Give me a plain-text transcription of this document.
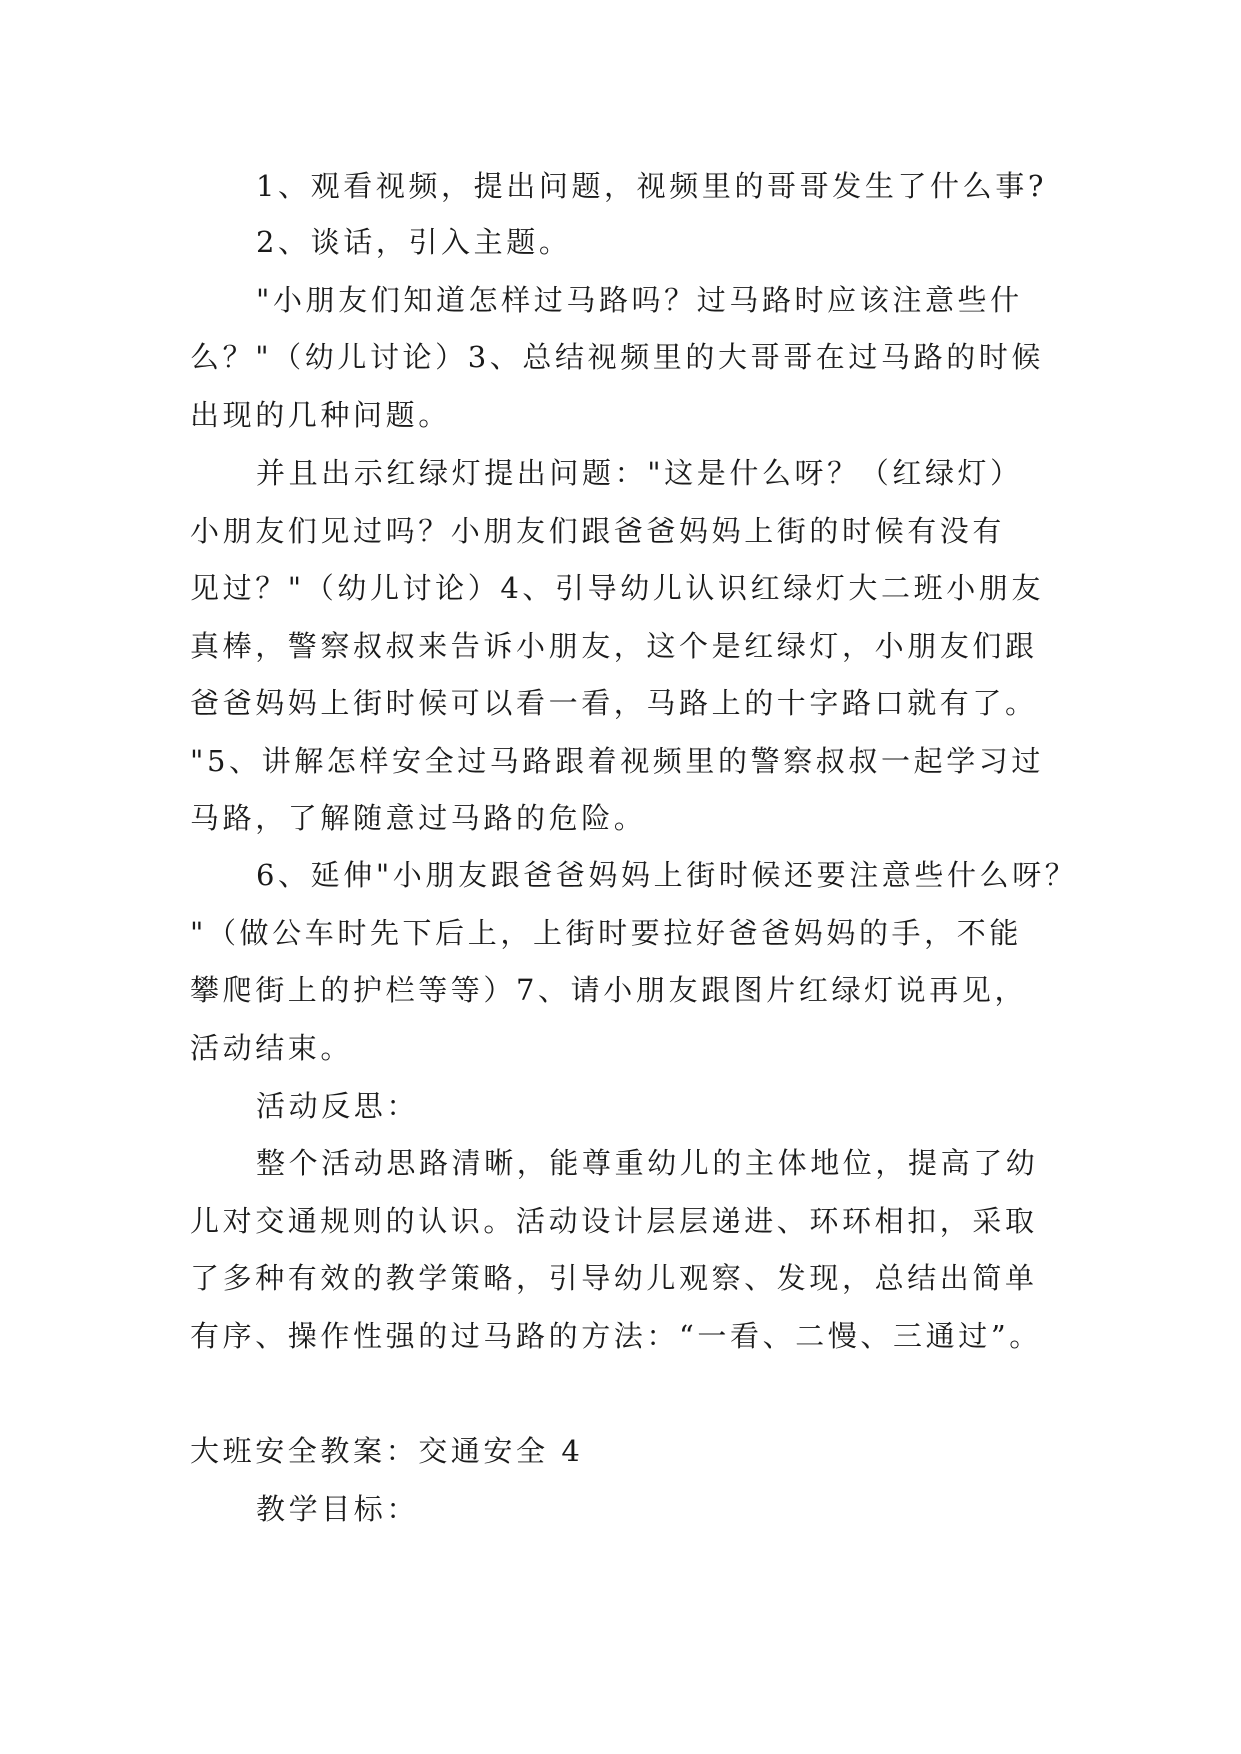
1、观看视频，提出问题，视频里的哥哥发生了什么事?
2、谈话，引入主题。
"小朋友们知道怎样过马路吗？过马路时应该注意些什
么？"（幼儿讨论）3、总结视频里的大哥哥在过马路的时候
出现的几种问题。
并且出示红绿灯提出问题："这是什么呀？（红绿灯）
小朋友们见过吗？小朋友们跟爸爸妈妈上街的时候有没有
见过？"（幼儿讨论）4、引导幼儿认识红绿灯大二班小朋友
真棒，警察叔叔来告诉小朋友，这个是红绿灯，小朋友们跟
爸爸妈妈上街时候可以看一看，马路上的十字路口就有了。
"5、讲解怎样安全过马路跟着视频里的警察叔叔一起学习过
马路，了解随意过马路的危险。
6、延伸"小朋友跟爸爸妈妈上街时候还要注意些什么呀？
"（做公车时先下后上，上街时要拉好爸爸妈妈的手，不能
攀爬街上的护栏等等）7、请小朋友跟图片红绿灯说再见，
活动结束。
活动反思：
整个活动思路清晰，能尊重幼儿的主体地位，提高了幼
儿对交通规则的认识。活动设计层层递进、环环相扣，采取
了多种有效的教学策略，引导幼儿观察、发现，总结出简单
有序、操作性强的过马路的方法：“一看、二慢、三通过”。
大班安全教案：交通安全 4
教学目标：
